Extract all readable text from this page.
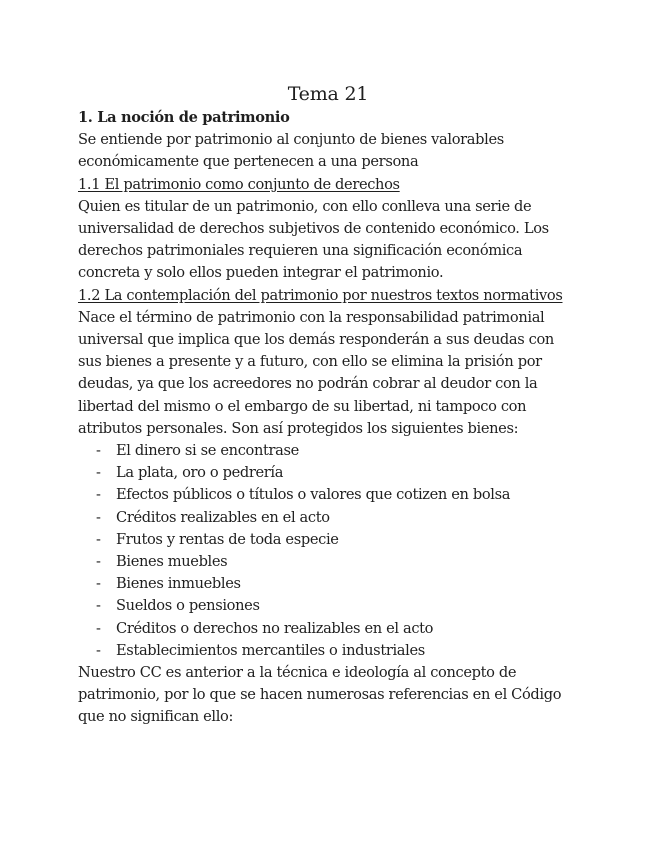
Tema 21

1. La noción de patrimonio

Se entiende por patrimonio al conjunto de bienes valorables económicamente que pertenecen a una persona

1.1 El patrimonio como conjunto de derechos

Quien es titular de un patrimonio, con ello conlleva una serie de universalidad de derechos subjetivos de contenido económico. Los derechos patrimoniales requieren una significación económica concreta y solo ellos pueden integrar el patrimonio.

1.2 La contemplación del patrimonio por nuestros textos normativos

Nace el término de patrimonio con la responsabilidad patrimonial universal que implica que los demás responderán a sus deudas con sus bienes a presente y a futuro, con ello se elimina la prisión por deudas, ya que los acreedores no podrán cobrar al deudor con la libertad del mismo o el embargo de su libertad, ni tampoco con atributos personales. Son así protegidos los siguientes bienes:

- El dinero si se encontrase
- La plata, oro o pedrería
- Efectos públicos o títulos o valores que cotizen en bolsa
- Créditos realizables en el acto
- Frutos y rentas de toda especie
- Bienes muebles
- Bienes inmuebles
- Sueldos o pensiones
- Créditos o derechos no realizables en el acto
- Establecimientos mercantiles o industriales

Nuestro CC es anterior a la técnica e ideología al concepto de patrimonio, por lo que se hacen numerosas referencias en el Código que no significan ello:
